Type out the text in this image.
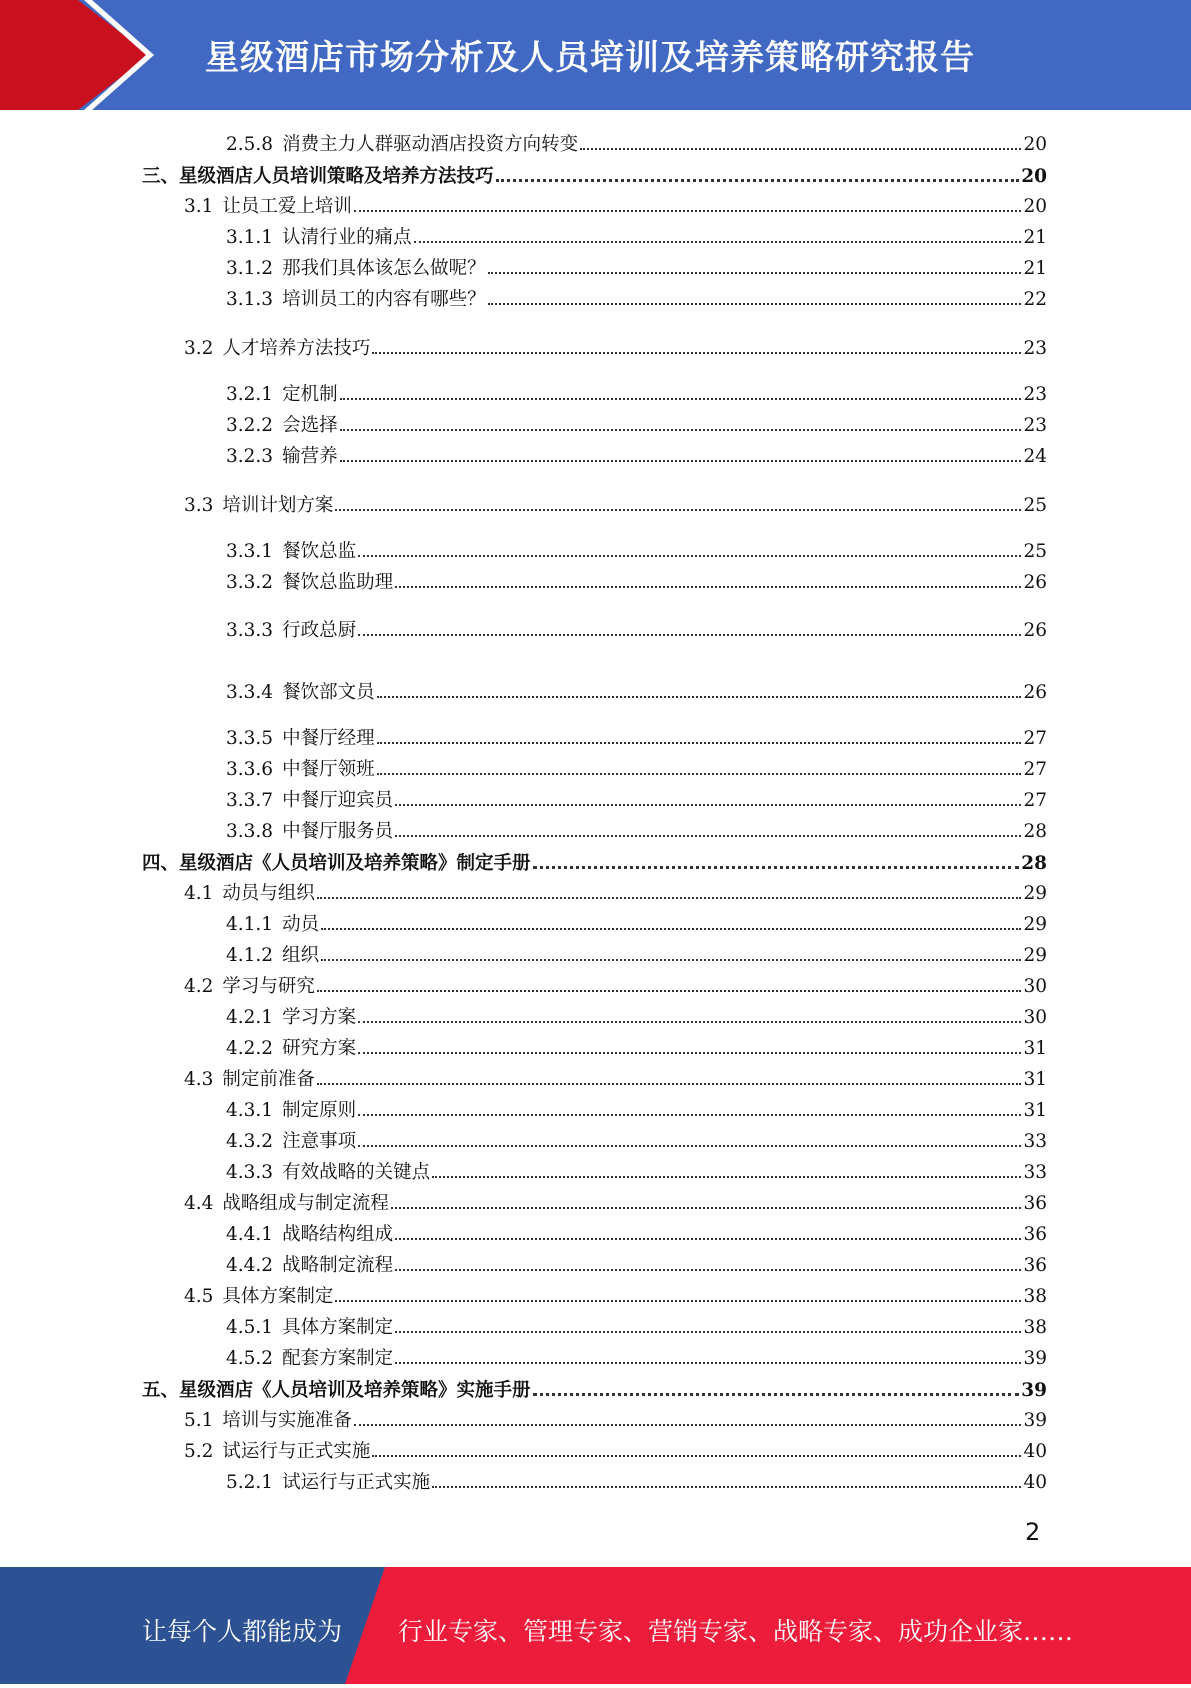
星级酒店市场分析及人员培训及培养策略研究报告
2.5.8 消费主力人群驱动酒店投资方向转变	20
三、星级酒店人员培训策略及培养方法技巧	20
3.1 让员工爱上培训	20
3.1.1 认清行业的痛点	21
3.1.2 那我们具体该怎么做呢？	21
3.1.3 培训员工的内容有哪些？	22
3.2 人才培养方法技巧	23
3.2.1 定机制	23
3.2.2 会选择	23
3.2.3 输营养	24
3.3 培训计划方案	25
3.3.1 餐饮总监	25
3.3.2 餐饮总监助理	26
3.3.3 行政总厨	26
3.3.4 餐饮部文员	26
3.3.5 中餐厅经理	27
3.3.6 中餐厅领班	27
3.3.7 中餐厅迎宾员	27
3.3.8 中餐厅服务员	28
四、星级酒店《人员培训及培养策略》制定手册	28
4.1 动员与组织	29
4.1.1 动员	29
4.1.2 组织	29
4.2 学习与研究	30
4.2.1 学习方案	30
4.2.2 研究方案	31
4.3 制定前准备	31
4.3.1 制定原则	31
4.3.2 注意事项	33
4.3.3 有效战略的关键点	33
4.4 战略组成与制定流程	36
4.4.1 战略结构组成	36
4.4.2 战略制定流程	36
4.5 具体方案制定	38
4.5.1 具体方案制定	38
4.5.2 配套方案制定	39
五、星级酒店《人员培训及培养策略》实施手册	39
5.1 培训与实施准备	39
5.2 试运行与正式实施	40
5.2.1 试运行与正式实施	40
2
让每个人都能成为 行业专家、管理专家、营销专家、战略专家、成功企业家……
